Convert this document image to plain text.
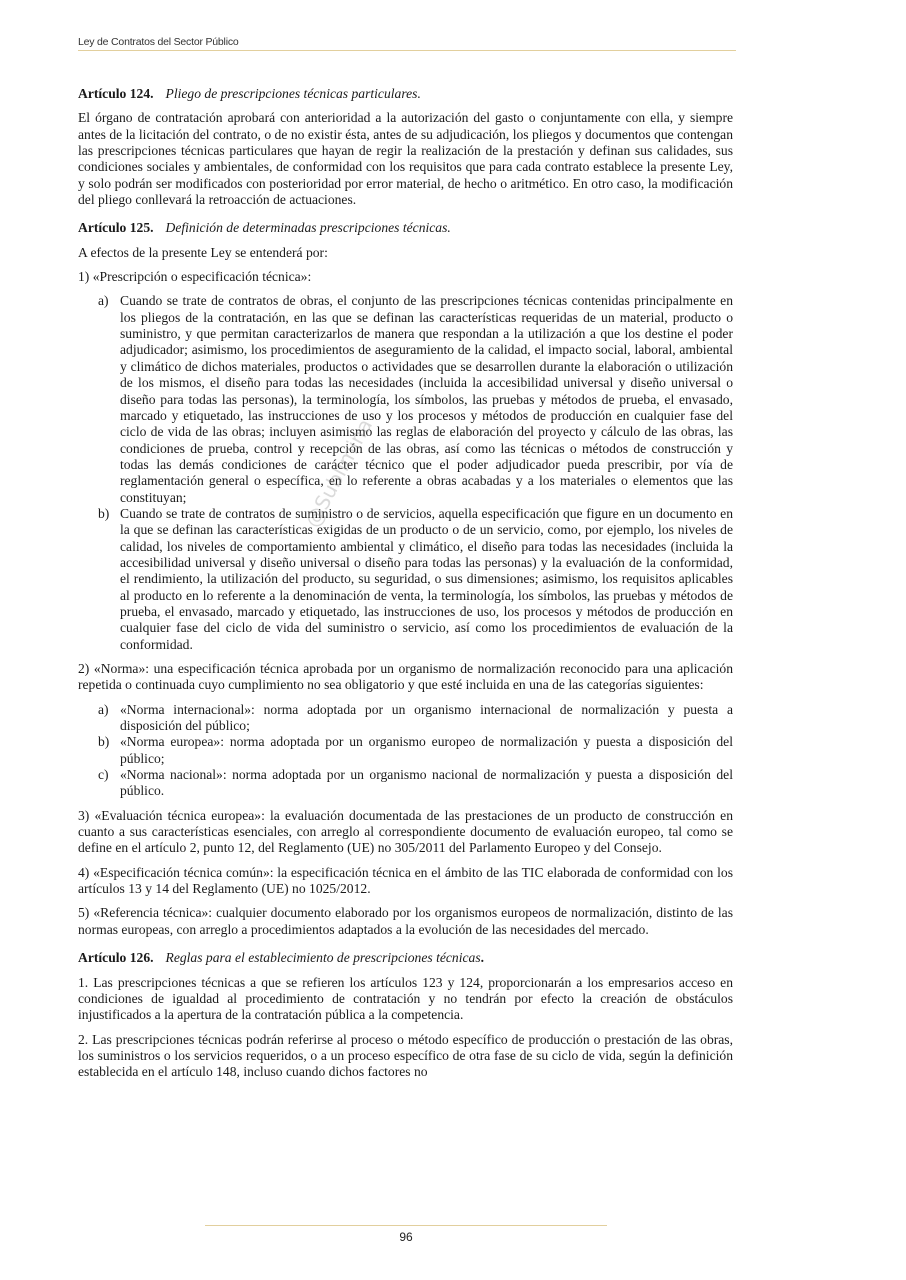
Ley de Contratos del Sector Público

Artículo 124. Pliego de prescripciones técnicas particulares.

El órgano de contratación aprobará con anterioridad a la autorización del gasto o conjuntamente con ella, y siempre antes de la licitación del contrato, o de no existir ésta, antes de su adjudicación, los pliegos y documentos que contengan las prescripciones técnicas particulares que hayan de regir la realización de la prestación y definan sus calidades, sus condiciones sociales y ambientales, de conformidad con los requisitos que para cada contrato establece la presente Ley, y solo podrán ser modificados con posterioridad por error material, de hecho o aritmético. En otro caso, la modificación del pliego conllevará la retroacción de actuaciones.

Artículo 125. Definición de determinadas prescripciones técnicas.

A efectos de la presente Ley se entenderá por:

1) «Prescripción o especificación técnica»:

a) Cuando se trate de contratos de obras, el conjunto de las prescripciones técnicas contenidas principalmente en los pliegos de la contratación, en las que se definan las características requeridas de un material, producto o suministro, y que permitan caracterizarlos de manera que respondan a la utilización a que los destine el poder adjudicador; asimismo, los procedimientos de aseguramiento de la calidad, el impacto social, laboral, ambiental y climático de dichos materiales, productos o actividades que se desarrollen durante la elaboración o utilización de los mismos, el diseño para todas las necesidades (incluida la accesibilidad universal y diseño universal o diseño para todas las personas), la terminología, los símbolos, las pruebas y métodos de prueba, el envasado, marcado y etiquetado, las instrucciones de uso y los procesos y métodos de producción en cualquier fase del ciclo de vida de las obras; incluyen asimismo las reglas de elaboración del proyecto y cálculo de las obras, las condiciones de prueba, control y recepción de las obras, así como las técnicas o métodos de construcción y todas las demás condiciones de carácter técnico que el poder adjudicador pueda prescribir, por vía de reglamentación general o específica, en lo referente a obras acabadas y a los materiales o elementos que las constituyan;
b) Cuando se trate de contratos de suministro o de servicios, aquella especificación que figure en un documento en la que se definan las características exigidas de un producto o de un servicio, como, por ejemplo, los niveles de calidad, los niveles de comportamiento ambiental y climático, el diseño para todas las necesidades (incluida la accesibilidad universal y diseño universal o diseño para todas las personas) y la evaluación de la conformidad, el rendimiento, la utilización del producto, su seguridad, o sus dimensiones; asimismo, los requisitos aplicables al producto en lo referente a la denominación de venta, la terminología, los símbolos, las pruebas y métodos de prueba, el envasado, marcado y etiquetado, las instrucciones de uso, los procesos y métodos de producción en cualquier fase del ciclo de vida del suministro o servicio, así como los procedimientos de evaluación de la conformidad.

2) «Norma»: una especificación técnica aprobada por un organismo de normalización reconocido para una aplicación repetida o continuada cuyo cumplimiento no sea obligatorio y que esté incluida en una de las categorías siguientes:

a) «Norma internacional»: norma adoptada por un organismo internacional de normalización y puesta a disposición del público;
b) «Norma europea»: norma adoptada por un organismo europeo de normalización y puesta a disposición del público;
c) «Norma nacional»: norma adoptada por un organismo nacional de normalización y puesta a disposición del público.

3) «Evaluación técnica europea»: la evaluación documentada de las prestaciones de un producto de construcción en cuanto a sus características esenciales, con arreglo al correspondiente documento de evaluación europeo, tal como se define en el artículo 2, punto 12, del Reglamento (UE) no 305/2011 del Parlamento Europeo y del Consejo.

4) «Especificación técnica común»: la especificación técnica en el ámbito de las TIC elaborada de conformidad con los artículos 13 y 14 del Reglamento (UE) no 1025/2012.

5) «Referencia técnica»: cualquier documento elaborado por los organismos europeos de normalización, distinto de las normas europeas, con arreglo a procedimientos adaptados a la evolución de las necesidades del mercado.

Artículo 126. Reglas para el establecimiento de prescripciones técnicas.

1. Las prescripciones técnicas a que se refieren los artículos 123 y 124, proporcionarán a los empresarios acceso en condiciones de igualdad al procedimiento de contratación y no tendrán por efecto la creación de obstáculos injustificados a la apertura de la contratación pública a la competencia.

2. Las prescripciones técnicas podrán referirse al proceso o método específico de producción o prestación de las obras, los suministros o los servicios requeridos, o a un proceso específico de otra fase de su ciclo de vida, según la definición establecida en el artículo 148, incluso cuando dichos factores no

@Sublimina
96
